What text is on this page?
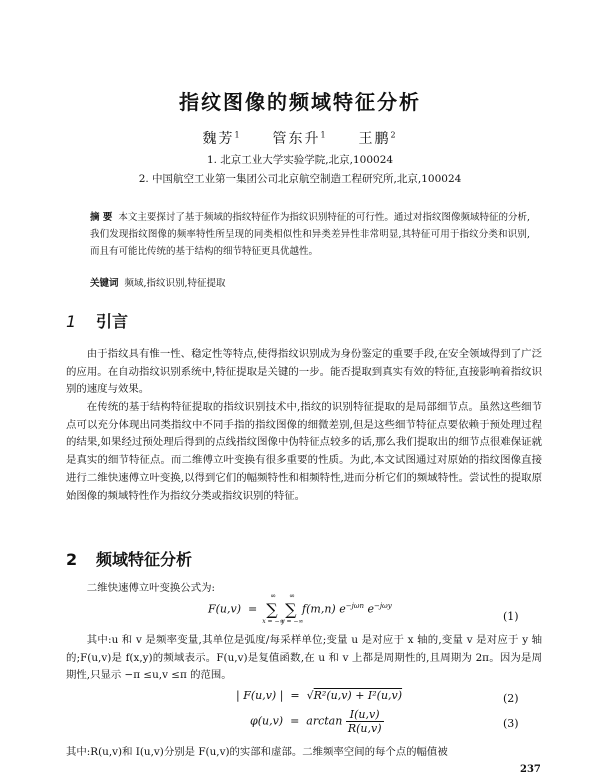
指纹图像的频域特征分析
魏芳$^1$ 管东升$^1$ 王鹏$^2$
1. 北京工业大学实验学院,北京,100024
2. 中国航空工业第一集团公司北京航空制造工程研究所,北京,100024
摘 要 本文主要探讨了基于频域的指纹特征作为指纹识别特征的可行性。通过对指纹图像频域特征的分析,我们发现指纹图像的频率特性所呈现的同类相似性和异类差异性非常明显,其特征可用于指纹分类和识别,而且有可能比传统的基于结构的细节特征更具优越性。
关键词 频域,指纹识别,特征提取
1 引言
由于指纹具有惟一性、稳定性等特点,使得指纹识别成为身份鉴定的重要手段,在安全领域得到了广泛的应用。在自动指纹识别系统中,特征提取是关键的一步。能否提取到真实有效的特征,直接影响着指纹识别的速度与效果。
在传统的基于结构特征提取的指纹识别技术中,指纹的识别特征提取的是局部细节点。虽然这些细节点可以充分体现出同类指纹中不同手指的指纹图像的细微差别,但是这些细节特征点要依赖于预处理过程的结果,如果经过预处理后得到的点线指纹图像中伪特征点较多的话,那么我们提取出的细节点很难保证就是真实的细节特征点。而二维傅立叶变换有很多重要的性质。为此,本文试图通过对原始的指纹图像直接进行二维快速傅立叶变换,以得到它们的幅频特性和相频特性,进而分析它们的频域特性。尝试性的提取原始图像的频域特性作为指纹分类或指纹识别的特征。
2 频域特征分析
二维快速傅立叶变换公式为:
F(u,v)  =  ∑
∞
x = −∞
∑
∞
y = −∞
f(m,n) $e^{-j\omega n}$ $e^{-j\omega y}$
(1)
其中:u 和 v 是频率变量,其单位是弧度/每采样单位;变量 u 是对应于 x 轴的,变量 v 是对应于 y 轴的;F(u,v)是 f(x,y)的频域表示。F(u,v)是复值函数,在 u 和 v 上都是周期性的,且周期为 2π。因为是周期性,只显示 −π ≤u,v ≤π 的范围。
| F(u,v) |  =  √R²(u,v) + I²(u,v)	(2)
$\varphi(u,v) = \arctan \frac{I(u,v)}{R(u,v)}$	(3)
其中:R(u,v)和 I(u,v)分别是 F(u,v)的实部和虚部。二维频率空间的每个点的幅值被
237
